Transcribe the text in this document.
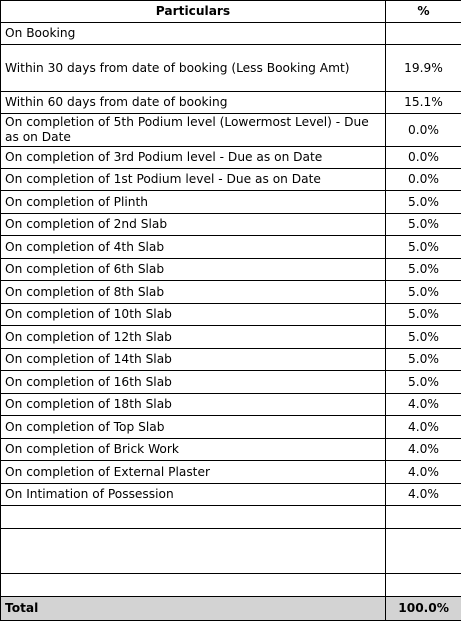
Particulars	%
On Booking	
Within 30 days from date of booking (Less Booking Amt)	19.9%
Within 60 days from date of booking	15.1%
On completion of 5th Podium level (Lowermost Level) - Due as on Date	0.0%
On completion of 3rd Podium level - Due as on Date	0.0%
On completion of 1st Podium level - Due as on Date	0.0%
On completion of Plinth	5.0%
On completion of 2nd Slab	5.0%
On completion of 4th Slab	5.0%
On completion of 6th Slab	5.0%
On completion of 8th Slab	5.0%
On completion of 10th Slab	5.0%
On completion of 12th Slab	5.0%
On completion of 14th Slab	5.0%
On completion of 16th Slab	5.0%
On completion of 18th Slab	4.0%
On completion of Top Slab	4.0%
On completion of Brick Work	4.0%
On completion of External Plaster	4.0%
On Intimation of Possession	4.0%

Total	100.0%
